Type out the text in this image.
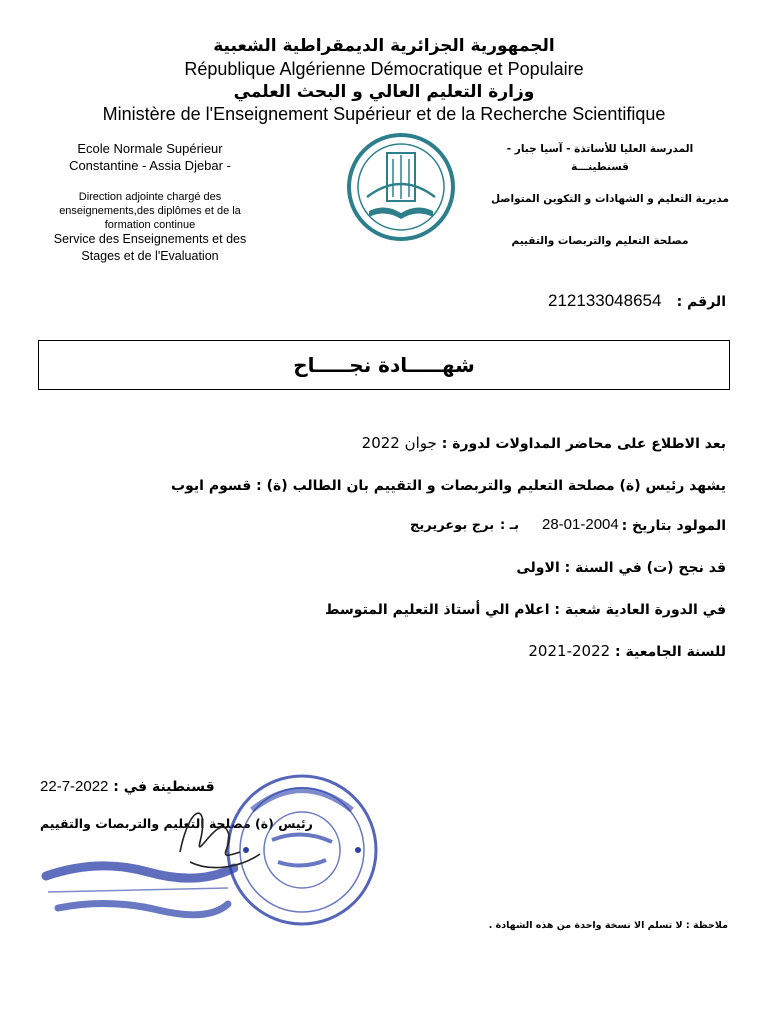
الجمهورية الجزائرية الديمقراطية الشعبية
République Algérienne Démocratique et Populaire
وزارة التعليم العالي و البحث العلمي
Ministère de l'Enseignement Supérieur et de la Recherche Scientifique
Ecole Normale Supérieur
Constantine - Assia Djebar -
Direction adjointe chargé des enseignements,des diplômes et de la formation continue
Service des Enseignements et des Stages et de l'Evaluation
المدرسة العليا للأساتذة - آسيا جبار -
قسنطينـــة
مديرية التعليم و الشهادات و التكوين المتواصل
مصلحة التعليم والتربصات والتقييم
الرقم :
212133048654
شهـــــادة نجـــــاح
بعد الاطلاع على محاضر المداولات لدورة : جوان 2022
يشهد رئيس (ة) مصلحة التعليم والتربصات و التقييم بان الطالب (ة) : قسوم ايوب
المولود بتاريخ :
28-01-2004
بـ :
برج بوعريريج
قد نجح (ت) في السنة : الاولى
في الدورة العادية شعبة : اعلام الي أستاذ التعليم المتوسط
للسنة الجامعية : 2022-2021
قسنطينة في : 2022-7-22
رئيس (ة) مصلحة التعليم والتربصات والتقييم
ملاحظة : لا تسلم الا نسخة واحدة من هذه الشهادة .
